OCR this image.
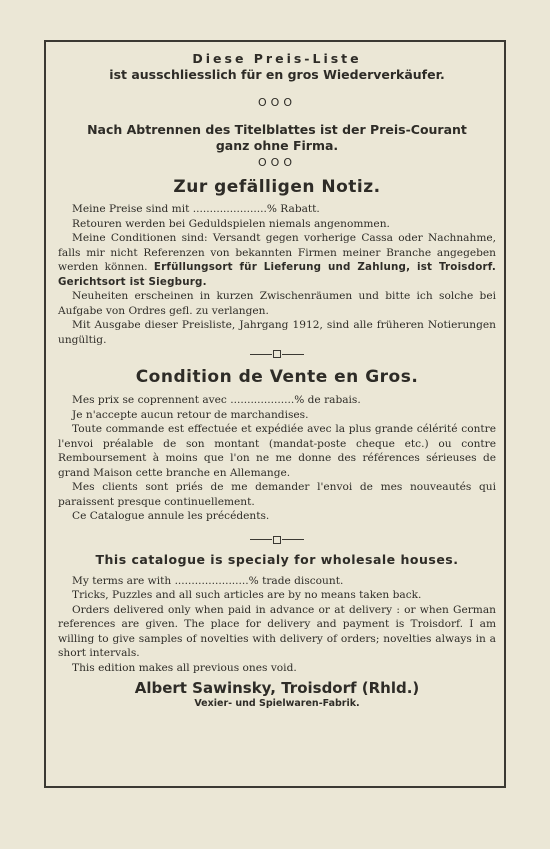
Diese Preis-Liste

ist ausschliesslich für en gros Wiederverkäufer.

OOO

Nach Abtrennen des Titelblattes ist der Preis-Courant

ganz ohne Firma.

OOO

Zur gefälligen Notiz.

Meine Preise sind mit ......................% Rabatt.

Retouren werden bei Geduldspielen niemals angenommen.

Meine Conditionen sind: Versandt gegen vorherige Cassa oder Nachnahme, falls mir nicht Referenzen von bekannten Firmen meiner Branche angegeben werden können. Erfüllungsort für Lieferung und Zahlung, ist Troisdorf. Gerichtsort ist Siegburg.

Neuheiten erscheinen in kurzen Zwischenräumen und bitte ich solche bei Aufgabe von Ordres gefl. zu verlangen.

Mit Ausgabe dieser Preisliste, Jahrgang 1912, sind alle früheren Notierungen ungültig.

Condition de Vente en Gros.

Mes prix se coprennent avec ...................% de rabais.

Je n'accepte aucun retour de marchandises.

Toute commande est effectuée et expédiée avec la plus grande célérité contre l'envoi préalable de son montant (mandat-poste cheque etc.) ou contre Remboursement à moins que l'on ne me donne des références sérieuses de grand Maison cette branche en Allemange.

Mes clients sont priés de me demander l'envoi de mes nouveautés qui paraissent presque continuellement.

Ce Catalogue annule les précédents.

This catalogue is specialy for wholesale houses.

My terms are with ......................% trade discount.

Tricks, Puzzles and all such articles are by no means taken back.

Orders delivered only when paid in advance or at delivery : or when German references are given. The place for delivery and payment is Troisdorf. I am willing to give samples of novelties with delivery of orders; novelties always in a short intervals.

This edition makes all previous ones void.

Albert Sawinsky, Troisdorf (Rhld.)

Vexier- und Spielwaren-Fabrik.
